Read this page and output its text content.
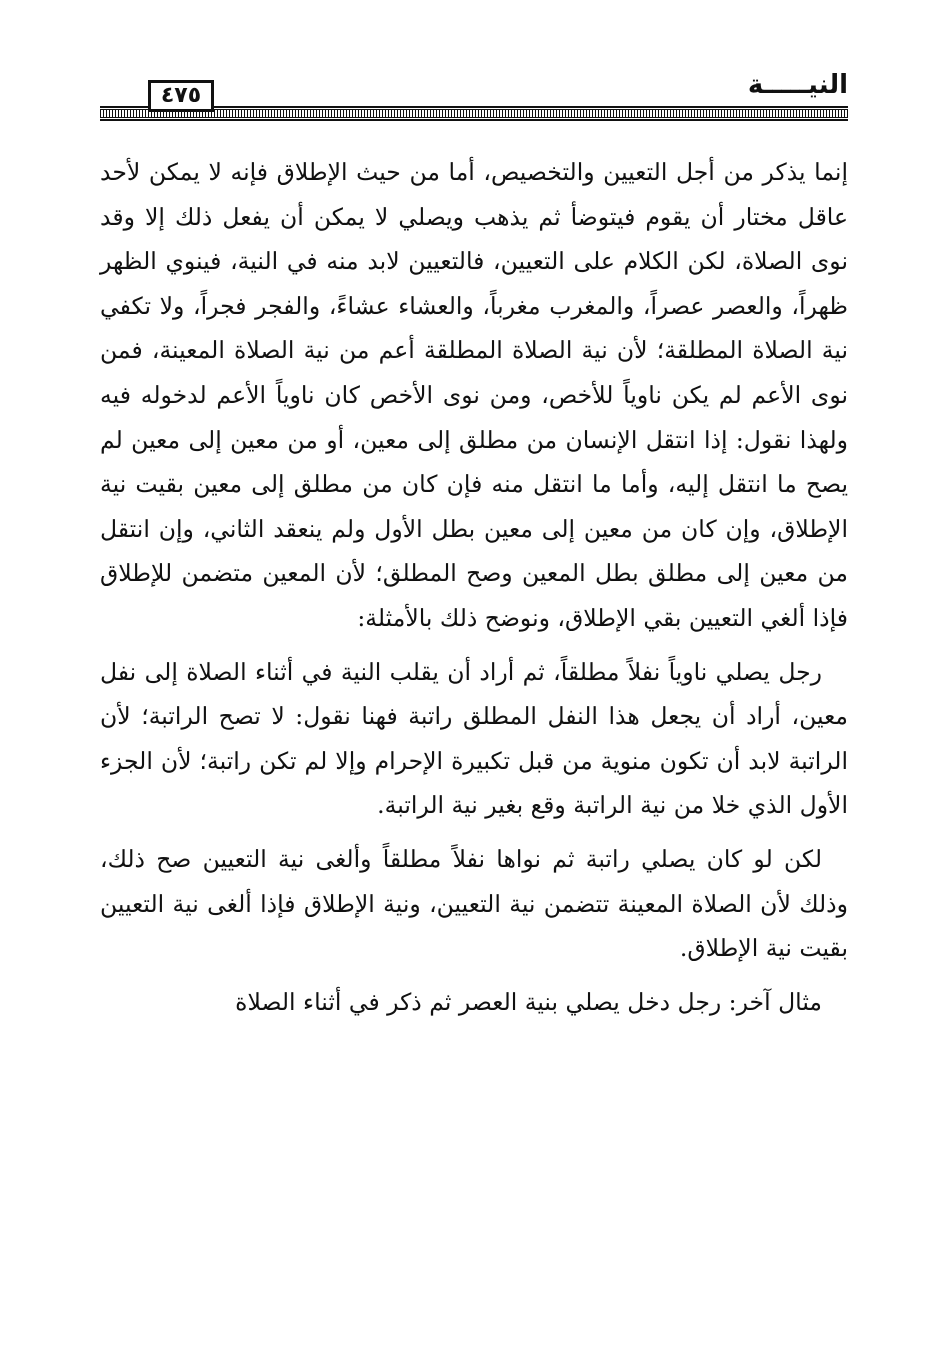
النيـــــة
٤٧٥

إنما يذكر من أجل التعيين والتخصيص، أما من حيث الإطلاق فإنه لا يمكن لأحد عاقل مختار أن يقوم فيتوضأ ثم يذهب ويصلي لا يمكن أن يفعل ذلك إلا وقد نوى الصلاة، لكن الكلام على التعيين، فالتعيين لابد منه في النية، فينوي الظهر ظهراً، والعصر عصراً، والمغرب مغرباً، والعشاء عشاءً، والفجر فجراً، ولا تكفي نية الصلاة المطلقة؛ لأن نية الصلاة المطلقة أعم من نية الصلاة المعينة، فمن نوى الأعم لم يكن ناوياً للأخص، ومن نوى الأخص كان ناوياً الأعم لدخوله فيه ولهذا نقول: إذا انتقل الإنسان من مطلق إلى معين، أو من معين إلى معين لم يصح ما انتقل إليه، وأما ما انتقل منه فإن كان من مطلق إلى معين بقيت نية الإطلاق، وإن كان من معين إلى معين بطل الأول ولم ينعقد الثاني، وإن انتقل من معين إلى مطلق بطل المعين وصح المطلق؛ لأن المعين متضمن للإطلاق فإذا ألغي التعيين بقي الإطلاق، ونوضح ذلك بالأمثلة:

رجل يصلي ناوياً نفلاً مطلقاً، ثم أراد أن يقلب النية في أثناء الصلاة إلى نفل معين، أراد أن يجعل هذا النفل المطلق راتبة فهنا نقول: لا تصح الراتبة؛ لأن الراتبة لابد أن تكون منوية من قبل تكبيرة الإحرام وإلا لم تكن راتبة؛ لأن الجزء الأول الذي خلا من نية الراتبة وقع بغير نية الراتبة.

لكن لو كان يصلي راتبة ثم نواها نفلاً مطلقاً وألغى نية التعيين صح ذلك، وذلك لأن الصلاة المعينة تتضمن نية التعيين، ونية الإطلاق فإذا ألغى نية التعيين بقيت نية الإطلاق.

مثال آخر: رجل دخل يصلي بنية العصر ثم ذكر في أثناء الصلاة
